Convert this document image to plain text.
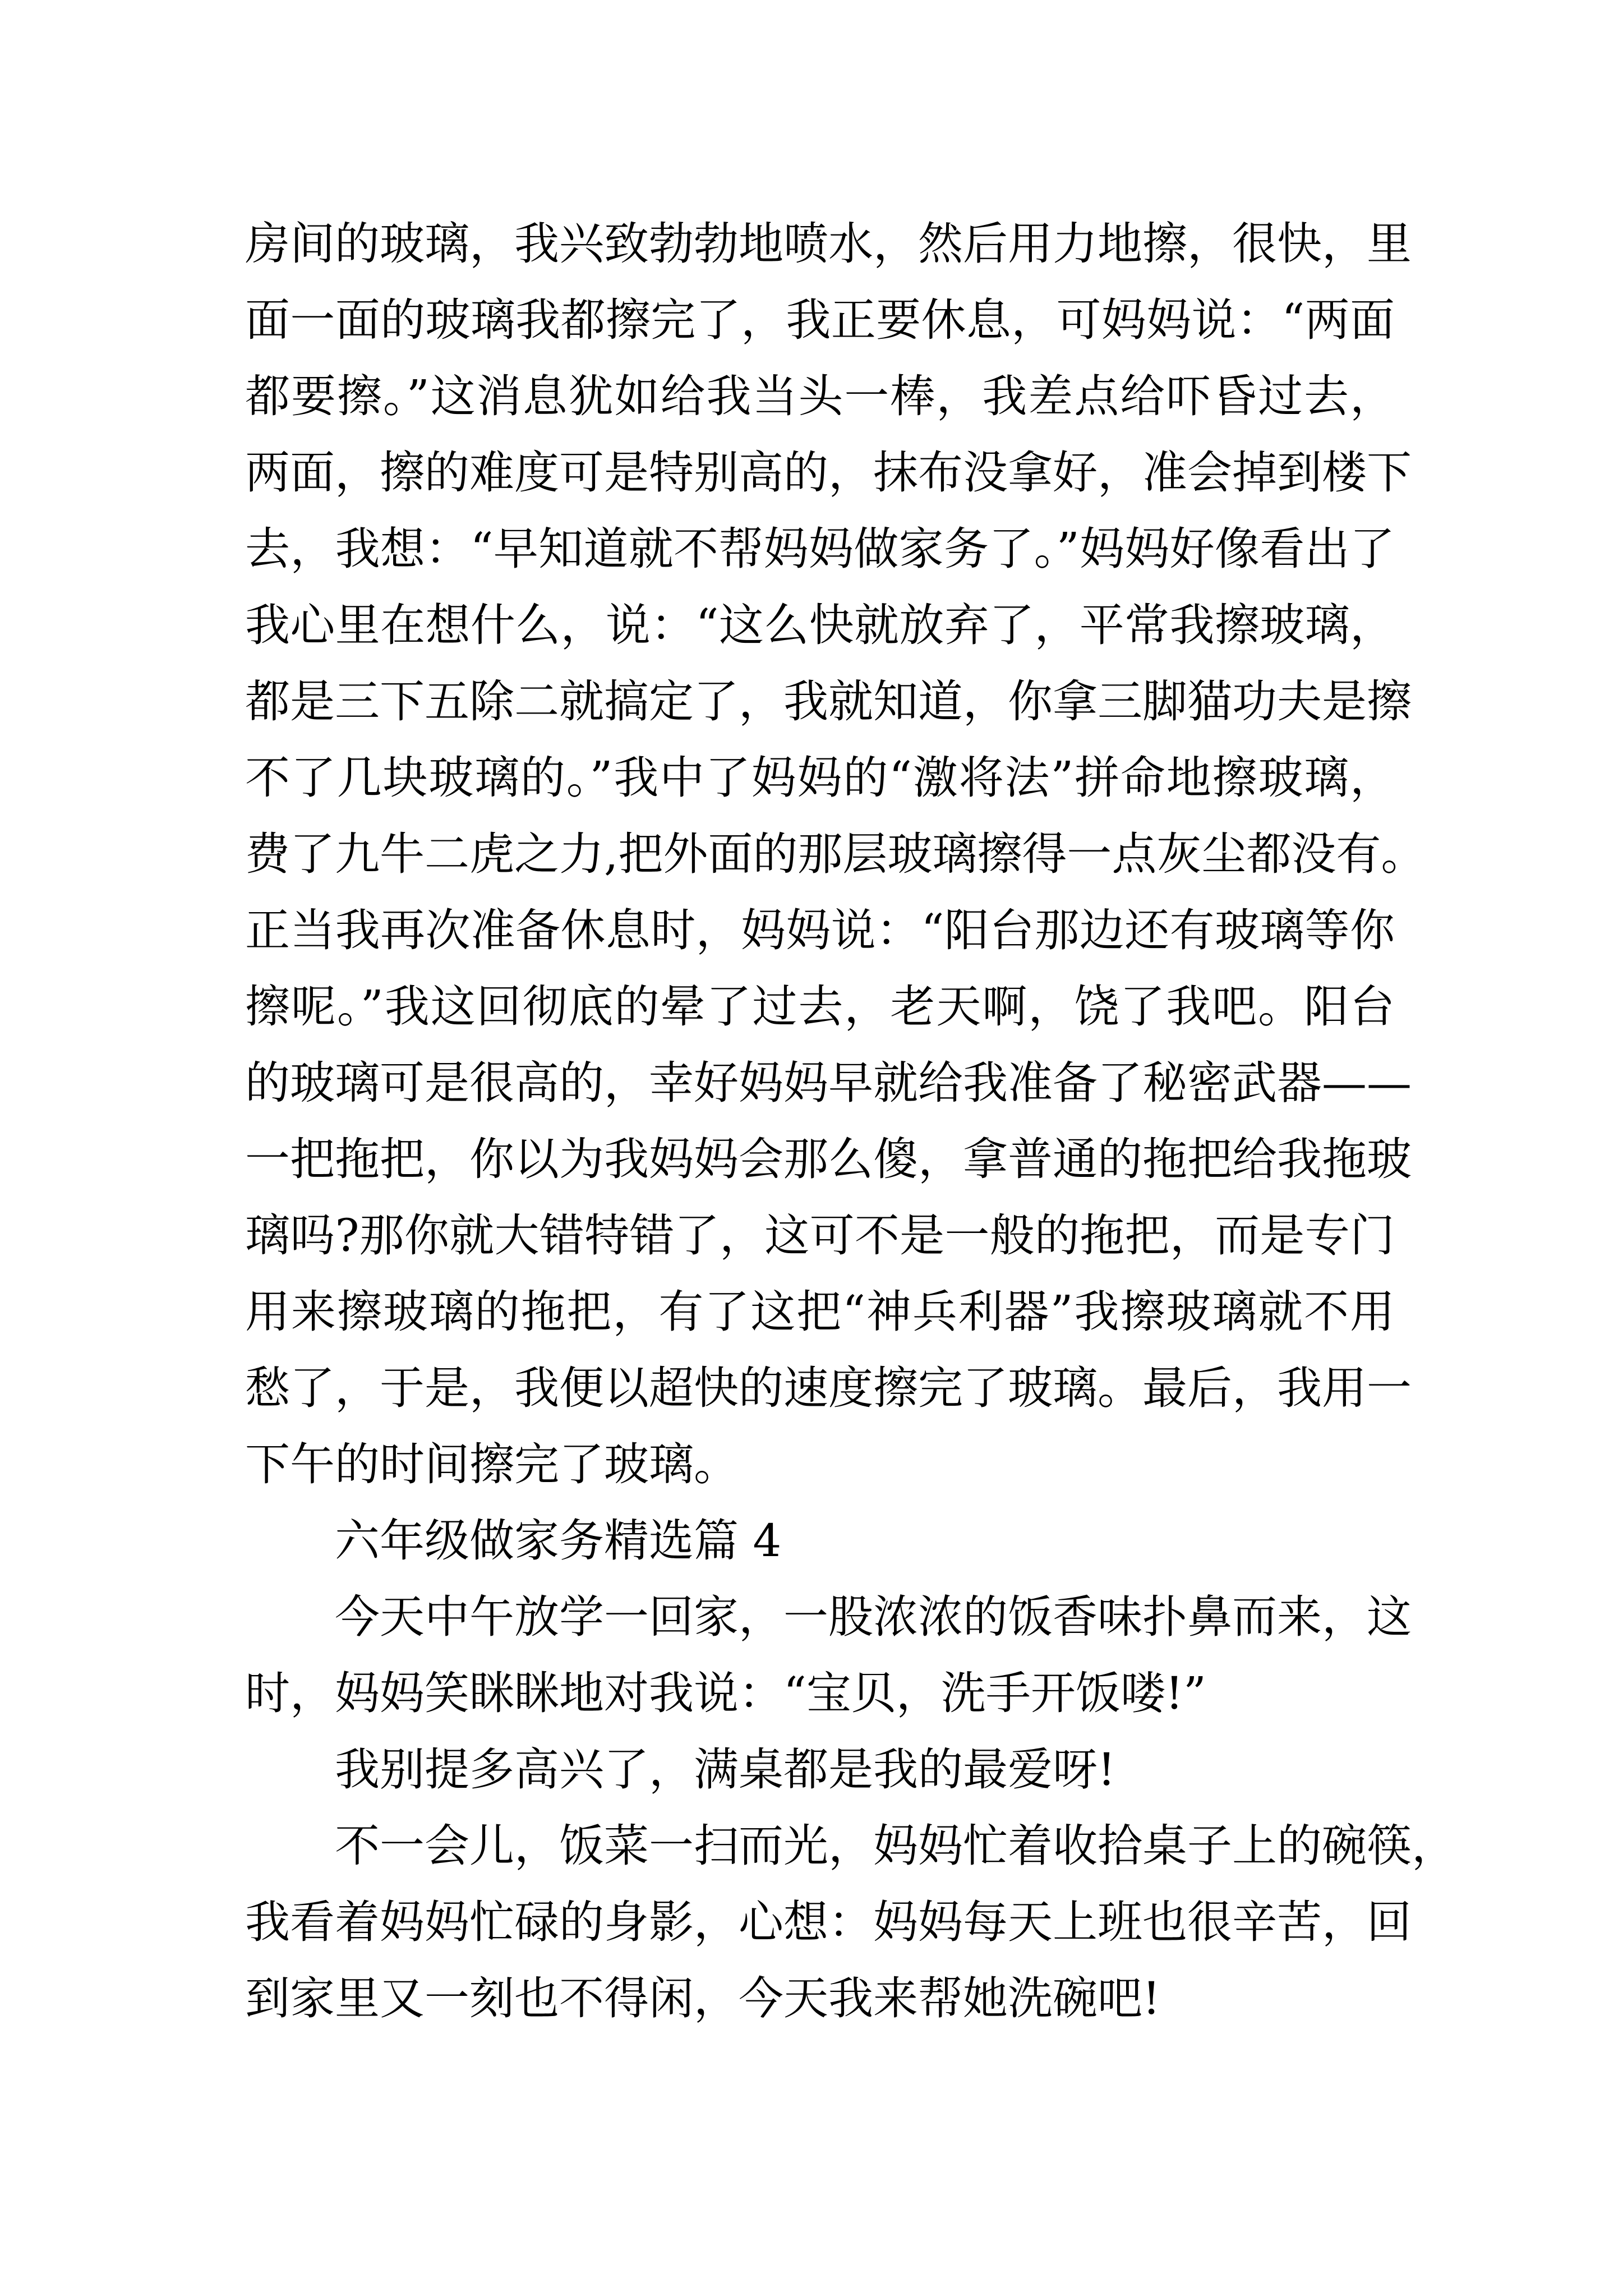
房间的玻璃，我兴致勃勃地喷水，然后用力地擦，很快，里
面一面的玻璃我都擦完了，我正要休息，可妈妈说：“两面
都要擦。”这消息犹如给我当头一棒，我差点给吓昏过去，
两面，擦的难度可是特别高的，抹布没拿好，准会掉到楼下
去，我想：“早知道就不帮妈妈做家务了。”妈妈好像看出了
我心里在想什么，说：“这么快就放弃了，平常我擦玻璃，
都是三下五除二就搞定了，我就知道，你拿三脚猫功夫是擦
不了几块玻璃的。”我中了妈妈的“激将法”拼命地擦玻璃，
费了九牛二虎之力,把外面的那层玻璃擦得一点灰尘都没有。
正当我再次准备休息时，妈妈说：“阳台那边还有玻璃等你
擦呢。”我这回彻底的晕了过去，老天啊，饶了我吧。阳台
的玻璃可是很高的，幸好妈妈早就给我准备了秘密武器——
一把拖把，你以为我妈妈会那么傻，拿普通的拖把给我拖玻
璃吗?那你就大错特错了，这可不是一般的拖把，而是专门
用来擦玻璃的拖把，有了这把“神兵利器”我擦玻璃就不用
愁了，于是，我便以超快的速度擦完了玻璃。最后，我用一
下午的时间擦完了玻璃。
六年级做家务精选篇 4
今天中午放学一回家，一股浓浓的饭香味扑鼻而来，这
时，妈妈笑眯眯地对我说：“宝贝，洗手开饭喽!”
我别提多高兴了，满桌都是我的最爱呀!
不一会儿，饭菜一扫而光，妈妈忙着收拾桌子上的碗筷，
我看着妈妈忙碌的身影，心想：妈妈每天上班也很辛苦，回
到家里又一刻也不得闲，今天我来帮她洗碗吧!
